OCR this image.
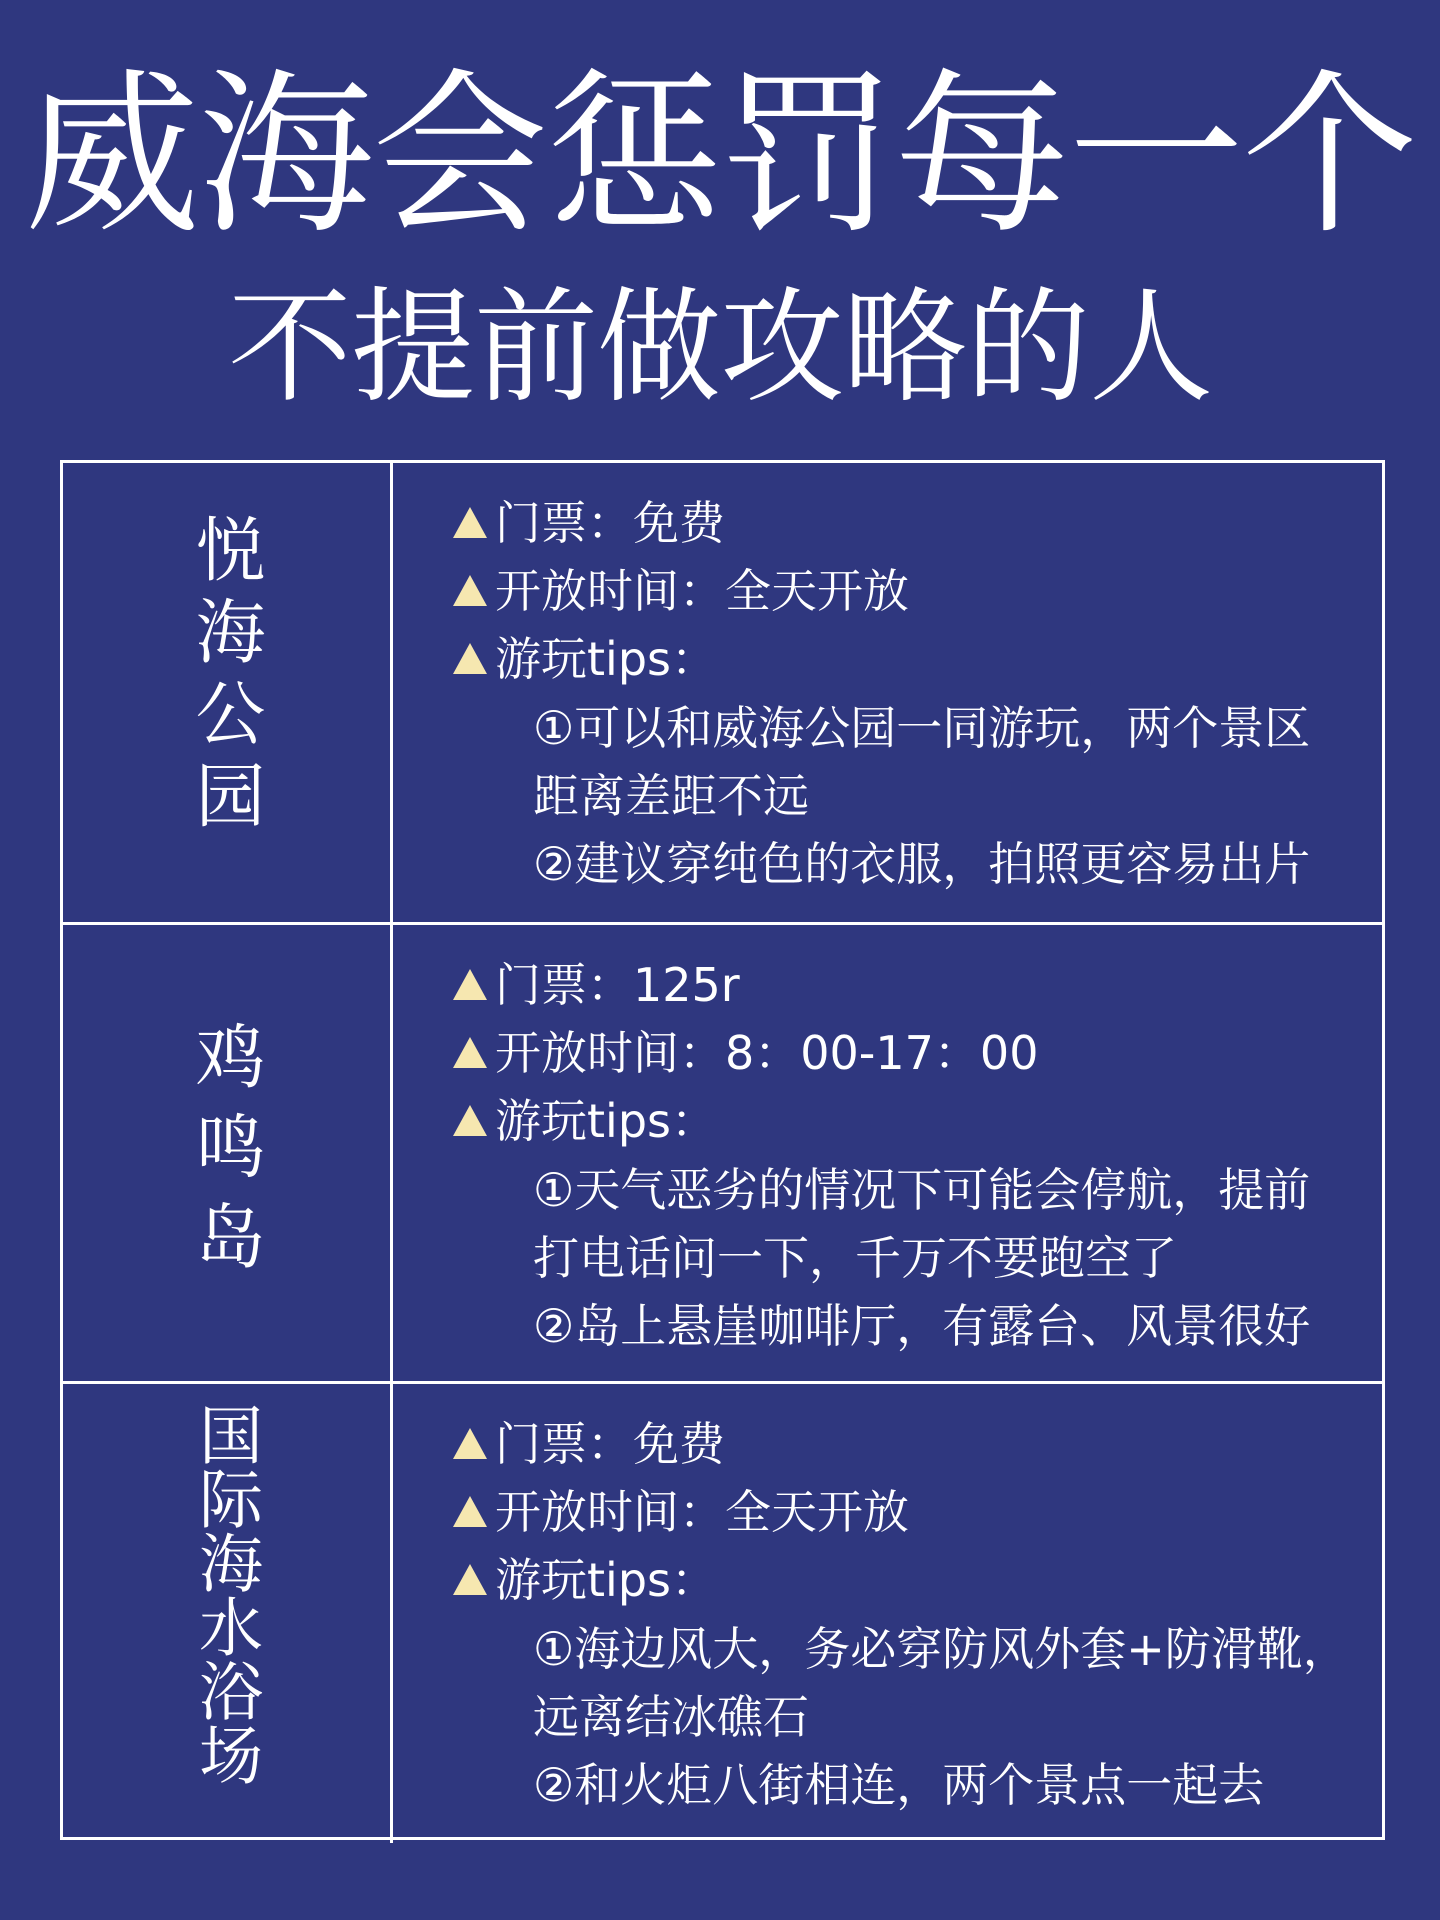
威海会惩罚每一个
不提前做攻略的人
悦海公园	门票：免费
开放时间：全天开放
游玩tips：
①可以和威海公园一同游玩，两个景区
距离差距不远
②建议穿纯色的衣服，拍照更容易出片
鸡鸣岛
门票：125r
开放时间：8：00-17：00
游玩tips：
①天气恶劣的情况下可能会停航，提前
打电话问一下，千万不要跑空了
②岛上悬崖咖啡厅，有露台、风景很好
国际海水浴场	门票：免费
开放时间：全天开放
游玩tips：
①海边风大，务必穿防风外套+防滑靴，
远离结冰礁石
②和火炬八街相连，两个景点一起去
